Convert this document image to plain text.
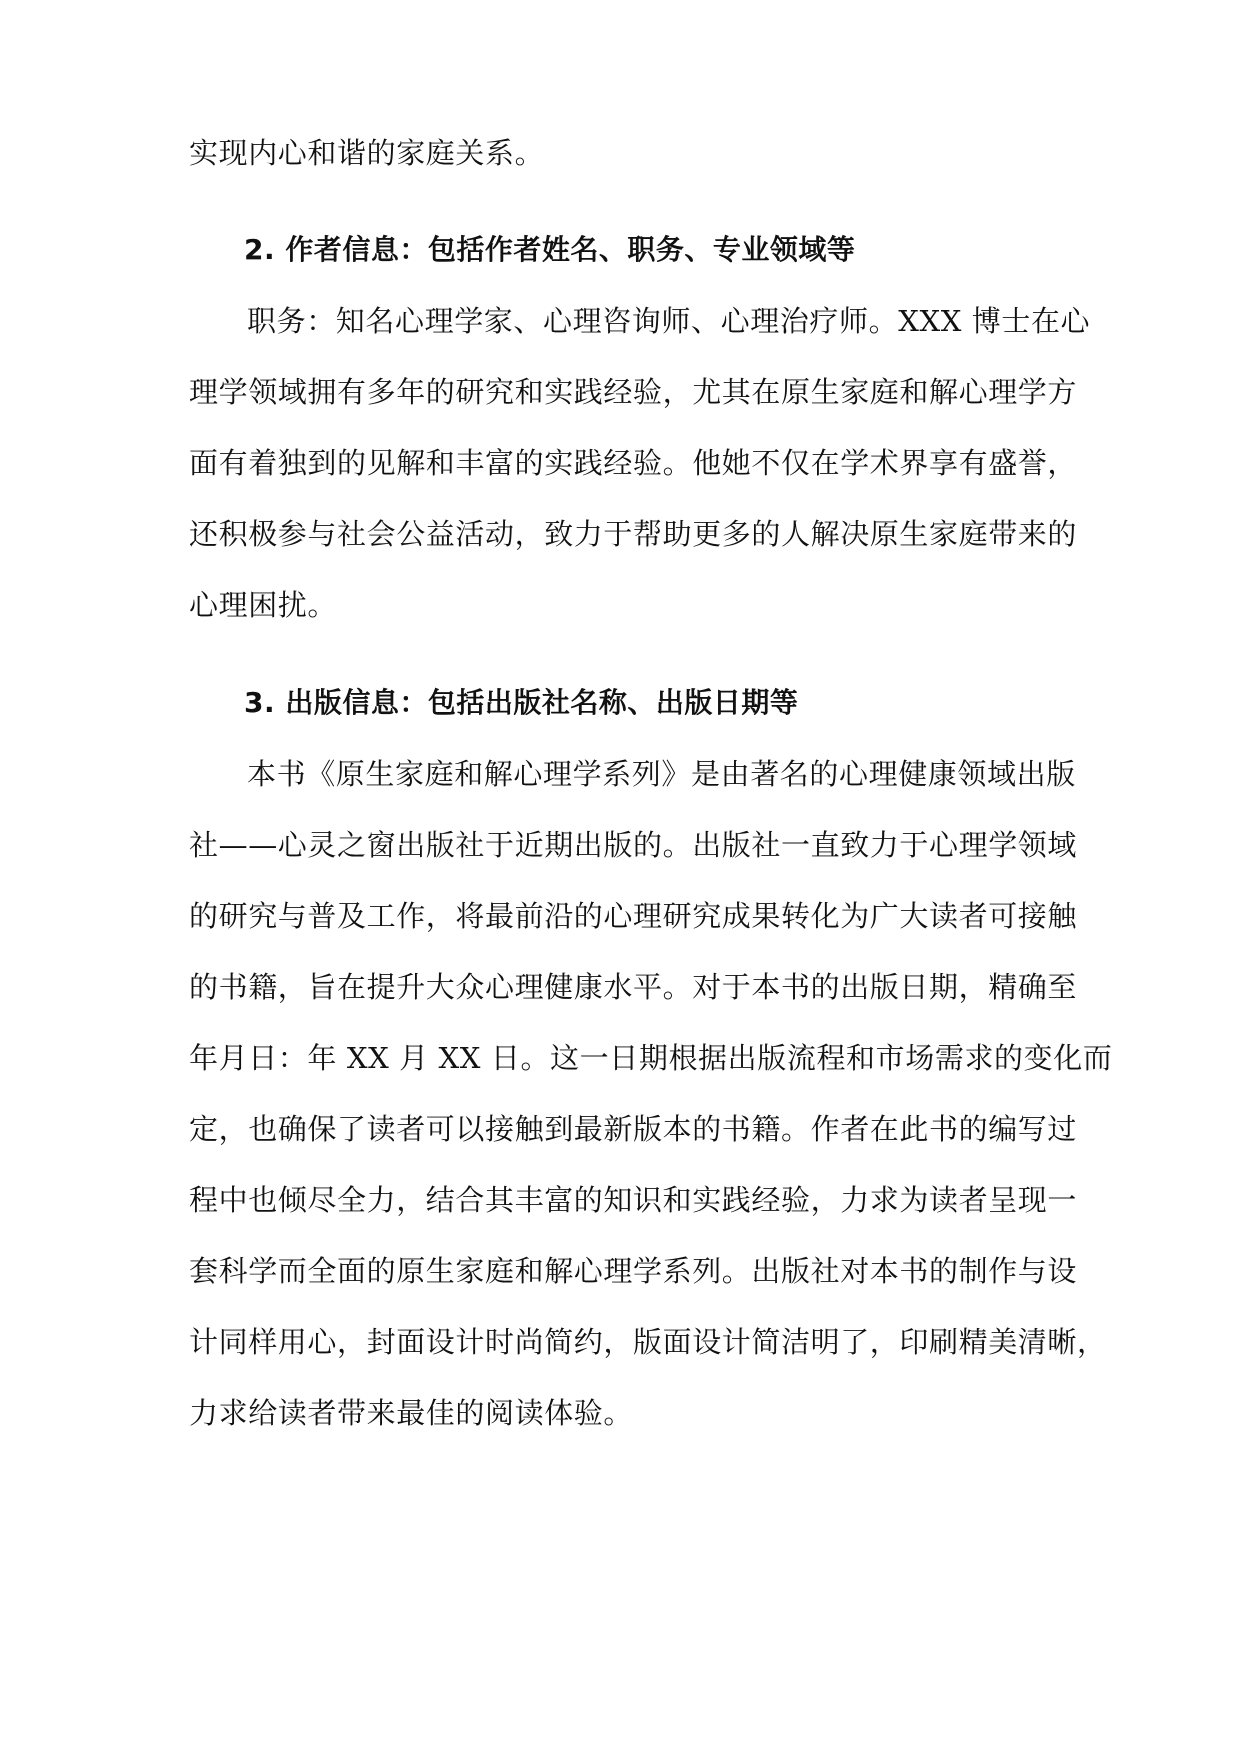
实现内心和谐的家庭关系。
2. 作者信息：包括作者姓名、职务、专业领域等
职务：知名心理学家、心理咨询师、心理治疗师。XXX 博士在心
理学领域拥有多年的研究和实践经验，尤其在原生家庭和解心理学方
面有着独到的见解和丰富的实践经验。他她不仅在学术界享有盛誉，
还积极参与社会公益活动，致力于帮助更多的人解决原生家庭带来的
心理困扰。
3. 出版信息：包括出版社名称、出版日期等
本书《原生家庭和解心理学系列》是由著名的心理健康领域出版
社——心灵之窗出版社于近期出版的。出版社一直致力于心理学领域
的研究与普及工作，将最前沿的心理研究成果转化为广大读者可接触
的书籍，旨在提升大众心理健康水平。对于本书的出版日期，精确至
年月日：年 XX 月 XX 日。这一日期根据出版流程和市场需求的变化而
定，也确保了读者可以接触到最新版本的书籍。作者在此书的编写过
程中也倾尽全力，结合其丰富的知识和实践经验，力求为读者呈现一
套科学而全面的原生家庭和解心理学系列。出版社对本书的制作与设
计同样用心，封面设计时尚简约，版面设计简洁明了，印刷精美清晰，
力求给读者带来最佳的阅读体验。
